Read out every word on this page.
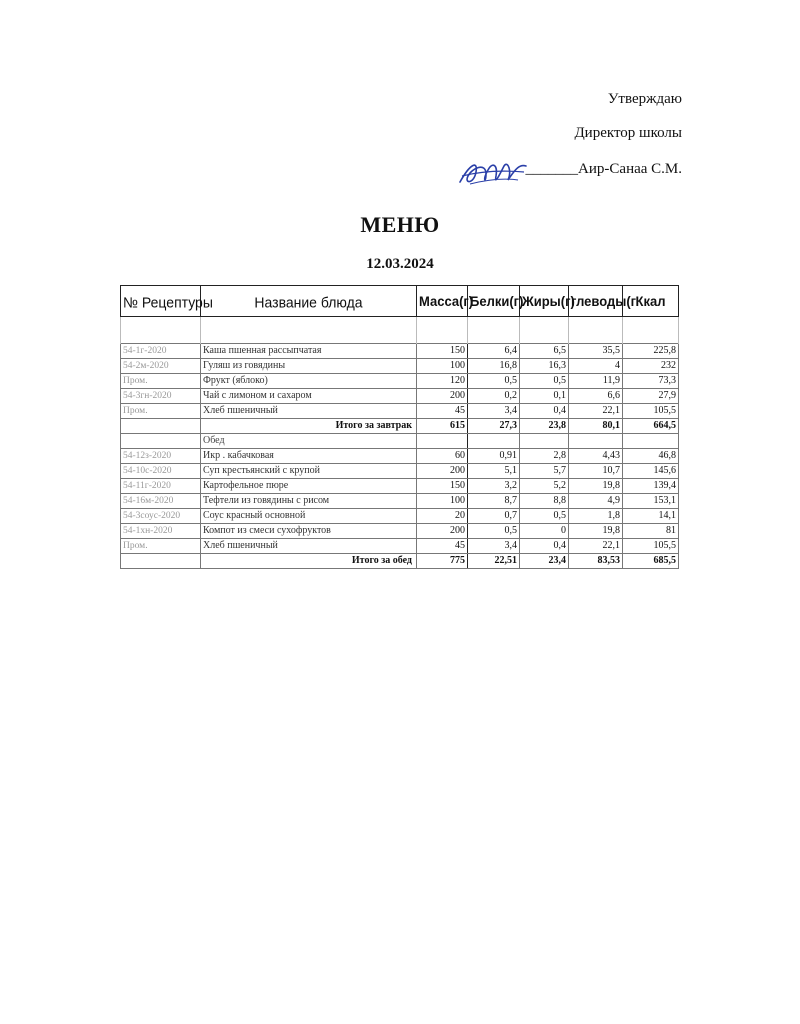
Утверждаю
Директор школы
_______Аир-Санаа С.М.
МЕНЮ
12.03.2024
№ Рецептуры	Название блюда	Масса(г)	Белки(г)	Жиры(г)	глеводы(г	Ккал

54-1г-2020	Каша пшенная рассыпчатая	150	6,4	6,5	35,5	225,8
54-2м-2020	Гуляш из говядины	100	16,8	16,3	4	232
Пром.	Фрукт (яблоко)	120	0,5	0,5	11,9	73,3
54-3гн-2020	Чай с лимоном и сахаром	200	0,2	0,1	6,6	27,9
Пром.	Хлеб пшеничный	45	3,4	0,4	22,1	105,5
	Итого за завтрак	615	27,3	23,8	80,1	664,5
	Обед					
54-12з-2020	Икр . кабачковая	60	0,91	2,8	4,43	46,8
54-10с-2020	Суп крестьянский с крупой	200	5,1	5,7	10,7	145,6
54-11г-2020	Картофельное пюре	150	3,2	5,2	19,8	139,4
54-16м-2020	Тефтели из говядины с рисом	100	8,7	8,8	4,9	153,1
54-3соус-2020	Соус красный основной	20	0,7	0,5	1,8	14,1
54-1хн-2020	Компот из смеси сухофруктов	200	0,5	0	19,8	81
Пром.	Хлеб пшеничный	45	3,4	0,4	22,1	105,5
	Итого за обед	775	22,51	23,4	83,53	685,5
